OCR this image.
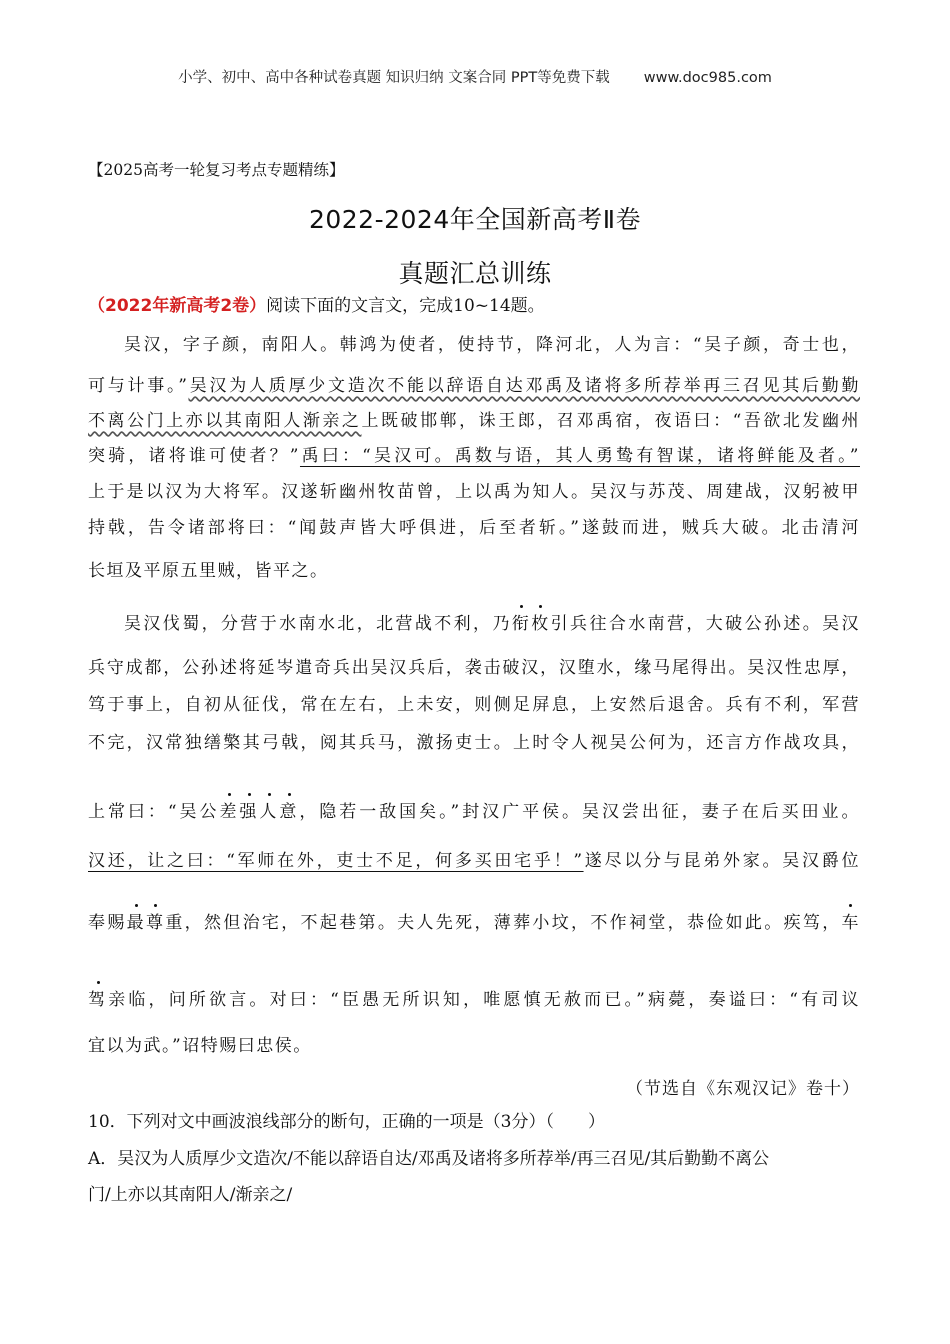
小学、初中、高中各种试卷真题 知识归纳 文案合同 PPT等免费下载 www.doc985.com
【2025高考一轮复习考点专题精练】
2022-2024年全国新高考Ⅱ卷
真题汇总训练
（2022年新高考2卷）阅读下面的文言文，完成10~14题。
吴汉，字子颜，南阳人。韩鸿为使者，使持节，降河北，人为言：“吴子颜，奇士也，
可与计事。”吴汉为人质厚少文造次不能以辞语自达邓禹及诸将多所荐举再三召见其后勤勤
不离公门上亦以其南阳人渐亲之上既破邯郸，诛王郎，召邓禹宿，夜语曰：“吾欲北发幽州
突骑，诸将谁可使者？”禹曰：“吴汉可。禹数与语，其人勇鸷有智谋，诸将鲜能及者。”
上于是以汉为大将军。汉遂斩幽州牧苗曾，上以禹为知人。吴汉与苏茂、周建战，汉躬被甲
持戟，告令诸部将曰：“闻鼓声皆大呼俱进，后至者斩。”遂鼓而进，贼兵大破。北击清河
长垣及平原五里贼，皆平之。
吴汉伐蜀，分营于水南水北，北营战不利，乃衔枚引兵往合水南营，大破公孙述。吴汉
兵守成都，公孙述将延岑遣奇兵出吴汉兵后，袭击破汉，汉堕水，缘马尾得出。吴汉性忠厚，
笃于事上，自初从征伐，常在左右，上未安，则侧足屏息，上安然后退舍。兵有不利，军营
不完，汉常独缮檠其弓戟，阅其兵马，激扬吏士。上时令人视吴公何为，还言方作战攻具，
上常曰：“吴公差强人意，隐若一敌国矣。”封汉广平侯。吴汉尝出征，妻子在后买田业。
汉还，让之曰：“军师在外，吏士不足，何多买田宅乎！”遂尽以分与昆弟外家。吴汉爵位
奉赐最尊重，然但治宅，不起巷第。夫人先死，薄葬小坟，不作祠堂，恭俭如此。疾笃，车
驾亲临，问所欲言。对曰：“臣愚无所识知，唯愿慎无赦而已。”病薨，奏谥曰：“有司议
宜以为武。”诏特赐曰忠侯。
（节选自《东观汉记》卷十）
10．下列对文中画波浪线部分的断句，正确的一项是（3分）（　　）
A．吴汉为人质厚少文造次/不能以辞语自达/邓禹及诸将多所荐举/再三召见/其后勤勤不离公
门/上亦以其南阳人/渐亲之/
